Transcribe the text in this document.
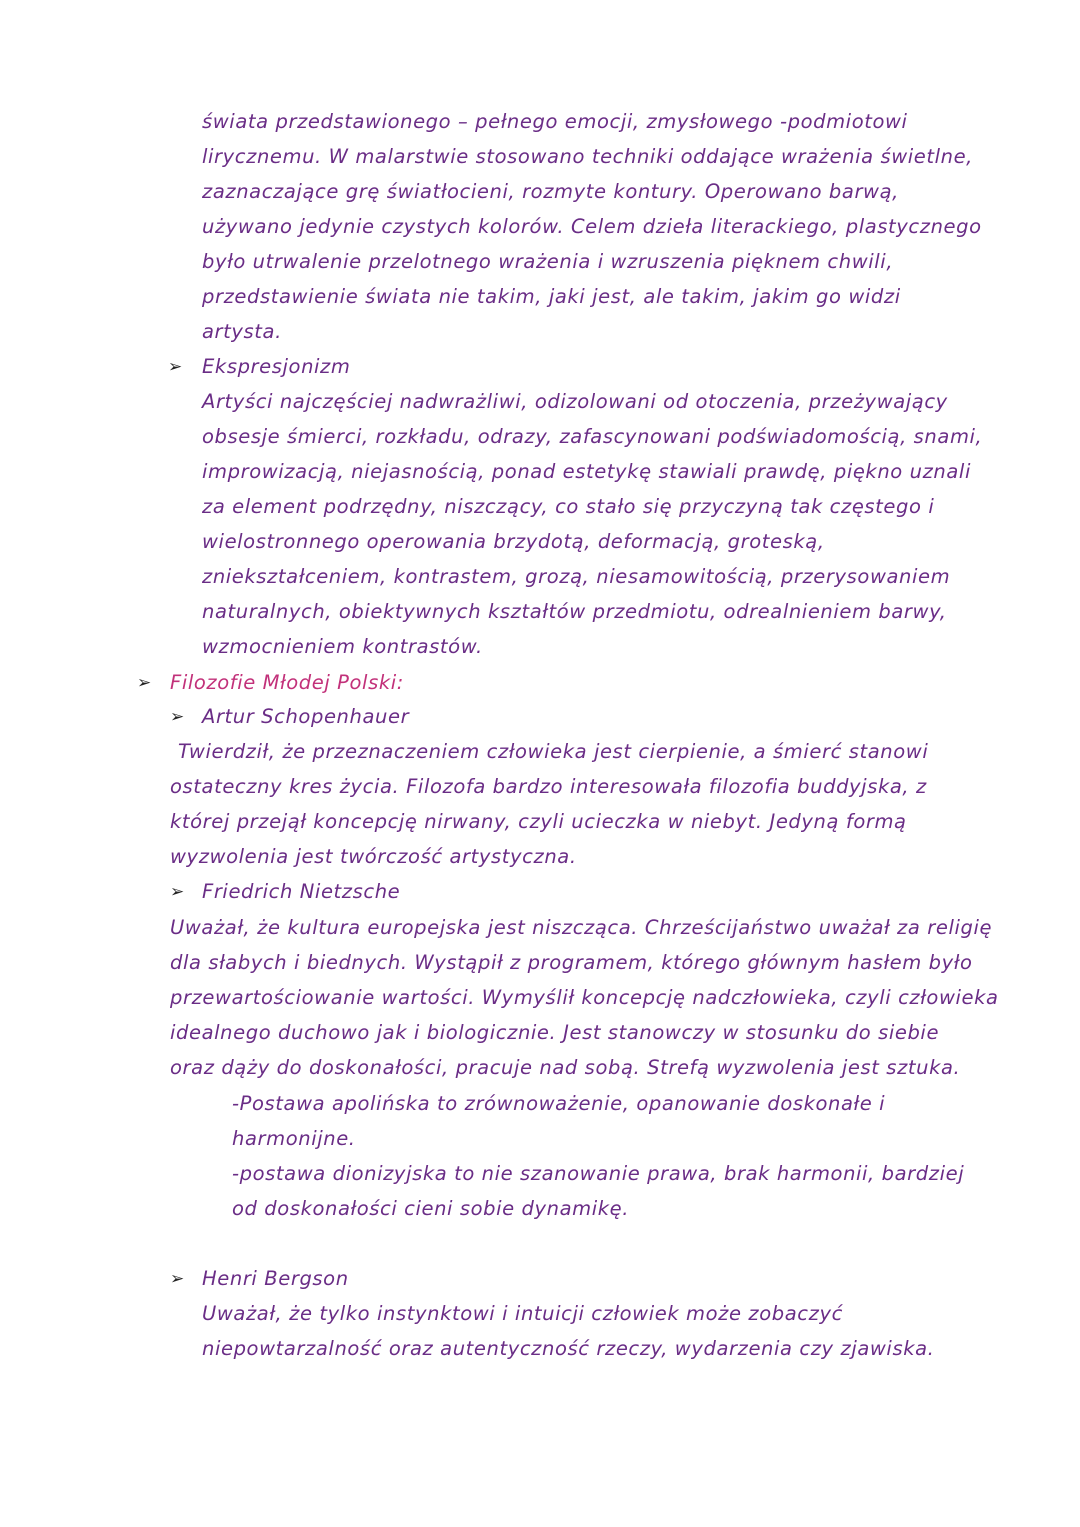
świata przedstawionego – pełnego emocji, zmysłowego -podmiotowi
lirycznemu. W malarstwie stosowano techniki oddające wrażenia świetlne,
zaznaczające grę światłocieni, rozmyte kontury. Operowano barwą,
używano jedynie czystych kolorów. Celem dzieła literackiego, plastycznego
było utrwalenie przelotnego wrażenia i wzruszenia pięknem chwili,
przedstawienie świata nie takim, jaki jest, ale takim, jakim go widzi
artysta.
➢ Ekspresjonizm
Artyści najczęściej nadwrażliwi, odizolowani od otoczenia, przeżywający
obsesje śmierci, rozkładu, odrazy, zafascynowani podświadomością, snami,
improwizacją, niejasnością, ponad estetykę stawiali prawdę, piękno uznali
za element podrzędny, niszczący, co stało się przyczyną tak częstego i
wielostronnego operowania brzydotą, deformacją, groteską,
zniekształceniem, kontrastem, grozą, niesamowitością, przerysowaniem
naturalnych, obiektywnych kształtów przedmiotu, odrealnieniem barwy,
wzmocnieniem kontrastów.
➢ Filozofie Młodej Polski:
➢ Artur Schopenhauer
Twierdził, że przeznaczeniem człowieka jest cierpienie, a śmierć stanowi
ostateczny kres życia. Filozofa bardzo interesowała filozofia buddyjska, z
której przejął koncepcję nirwany, czyli ucieczka w niebyt. Jedyną formą
wyzwolenia jest twórczość artystyczna.
➢ Friedrich Nietzsche
Uważał, że kultura europejska jest niszcząca. Chrześcijaństwo uważał za religię
dla słabych i biednych. Wystąpił z programem, którego głównym hasłem było
przewartościowanie wartości. Wymyślił koncepcję nadczłowieka, czyli człowieka
idealnego duchowo jak i biologicznie. Jest stanowczy w stosunku do siebie
oraz dąży do doskonałości, pracuje nad sobą. Strefą wyzwolenia jest sztuka.
-Postawa apolińska to zrównoważenie, opanowanie doskonałe i
harmonijne.
-postawa dionizyjska to nie szanowanie prawa, brak harmonii, bardziej
od doskonałości cieni sobie dynamikę.
➢ Henri Bergson
Uważał, że tylko instynktowi i intuicji człowiek może zobaczyć
niepowtarzalność oraz autentyczność rzeczy, wydarzenia czy zjawiska.
